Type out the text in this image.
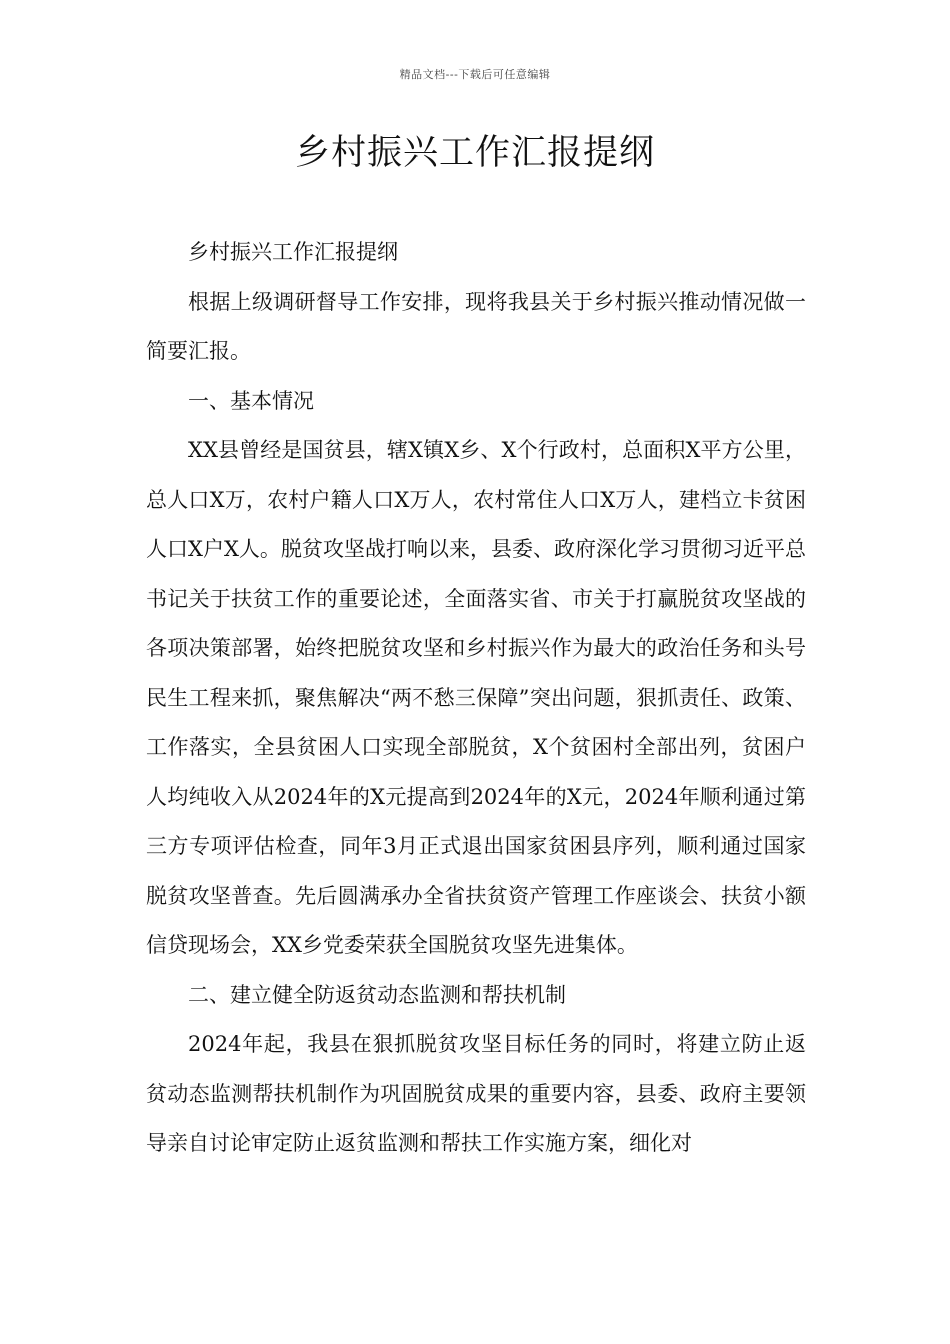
精品文档---下载后可任意编辑
乡村振兴工作汇报提纲

乡村振兴工作汇报提纲

根据上级调研督导工作安排，现将我县关于乡村振兴推动情况做一简要汇报。

一、基本情况

XX县曾经是国贫县，辖X镇X乡、X个行政村，总面积X平方公里，总人口X万，农村户籍人口X万人，农村常住人口X万人，建档立卡贫困人口X户X人。脱贫攻坚战打响以来，县委、政府深化学习贯彻习近平总书记关于扶贫工作的重要论述，全面落实省、市关于打赢脱贫攻坚战的各项决策部署，始终把脱贫攻坚和乡村振兴作为最大的政治任务和头号民生工程来抓，聚焦解决“两不愁三保障”突出问题，狠抓责任、政策、工作落实，全县贫困人口实现全部脱贫，X个贫困村全部出列，贫困户人均纯收入从2024年的X元提高到2024年的X元，2024年顺利通过第三方专项评估检查，同年3月正式退出国家贫困县序列，顺利通过国家脱贫攻坚普查。先后圆满承办全省扶贫资产管理工作座谈会、扶贫小额信贷现场会，XX乡党委荣获全国脱贫攻坚先进集体。

二、建立健全防返贫动态监测和帮扶机制

2024年起，我县在狠抓脱贫攻坚目标任务的同时，将建立防止返贫动态监测帮扶机制作为巩固脱贫成果的重要内容，县委、政府主要领导亲自讨论审定防止返贫监测和帮扶工作实施方案，细化对
